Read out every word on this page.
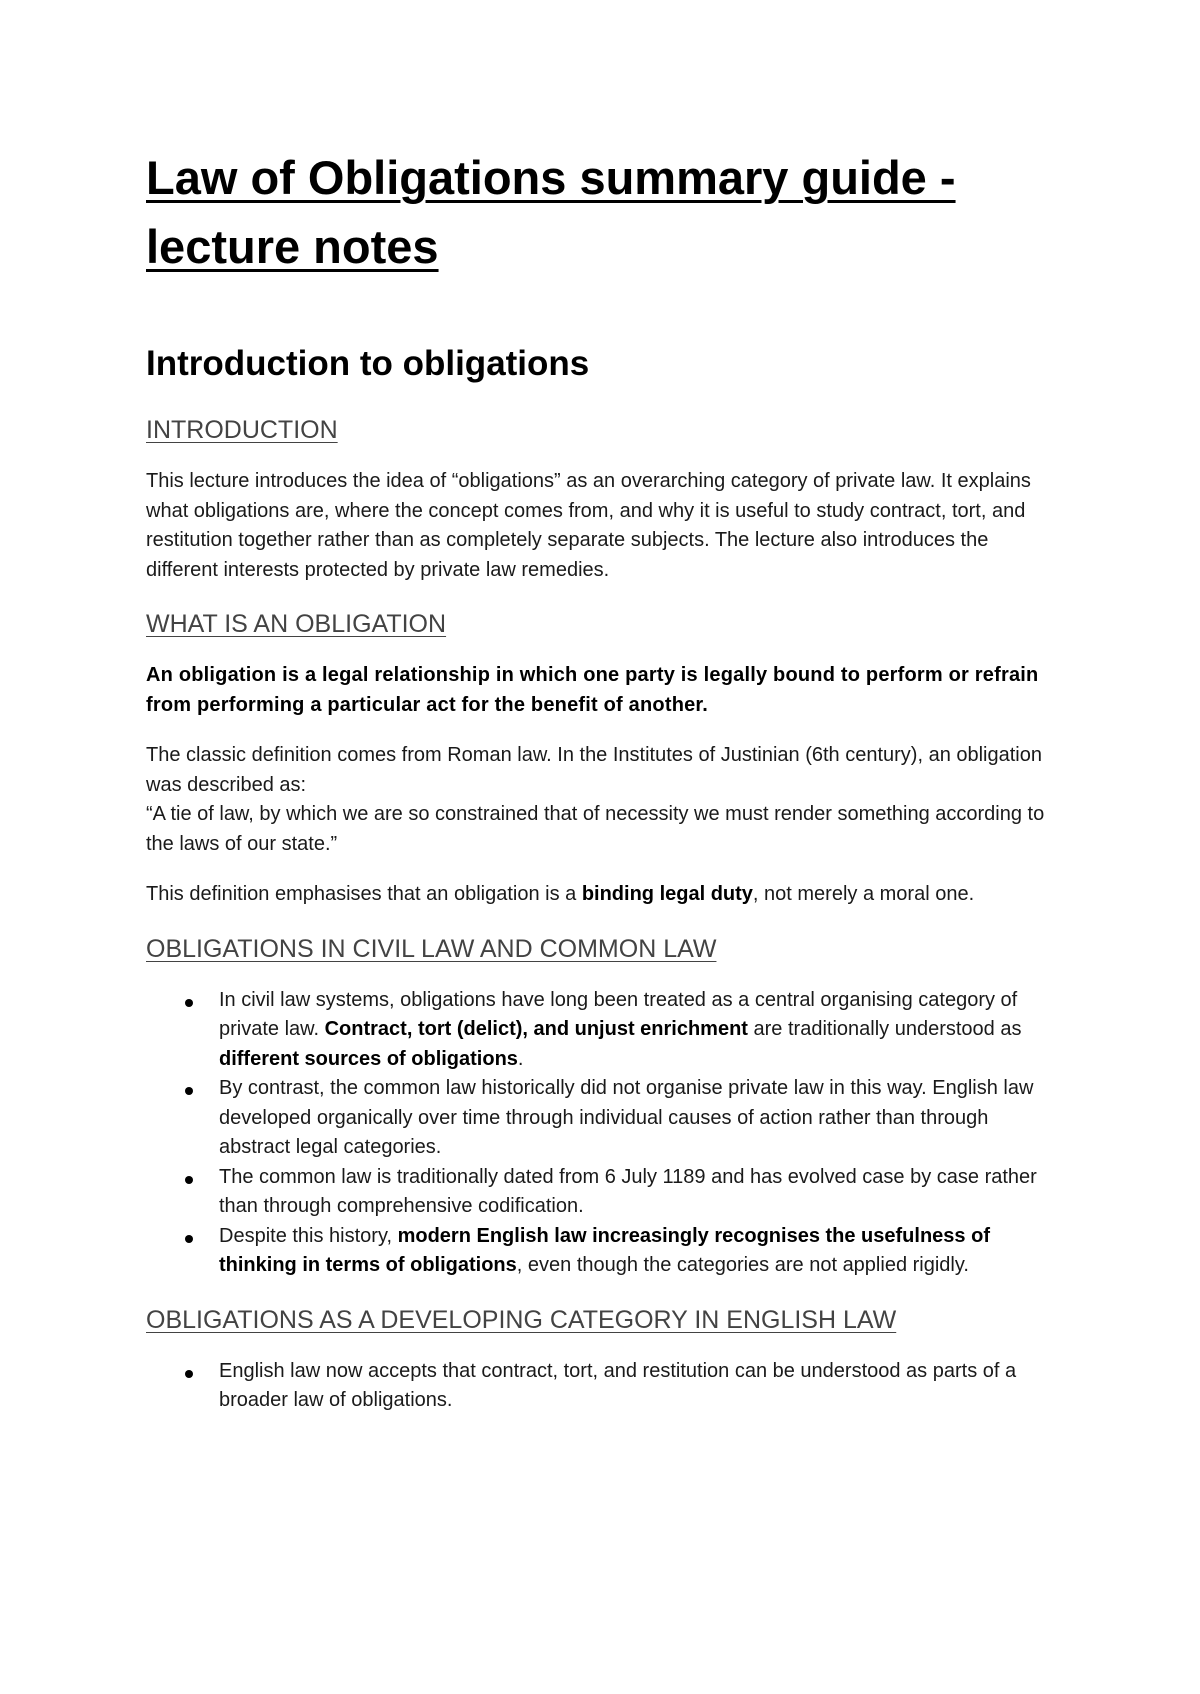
Law of Obligations summary guide - lecture notes
Introduction to obligations
INTRODUCTION

This lecture introduces the idea of “obligations” as an overarching category of private law. It explains what obligations are, where the concept comes from, and why it is useful to study contract, tort, and restitution together rather than as completely separate subjects. The lecture also introduces the different interests protected by private law remedies.

WHAT IS AN OBLIGATION

An obligation is a legal relationship in which one party is legally bound to perform or refrain from performing a particular act for the benefit of another.

The classic definition comes from Roman law. In the Institutes of Justinian (6th century), an obligation was described as:
“A tie of law, by which we are so constrained that of necessity we must render something according to the laws of our state.”

This definition emphasises that an obligation is a binding legal duty, not merely a moral one.

OBLIGATIONS IN CIVIL LAW AND COMMON LAW
In civil law systems, obligations have long been treated as a central organising category of private law. Contract, tort (delict), and unjust enrichment are traditionally understood as different sources of obligations.
By contrast, the common law historically did not organise private law in this way. English law developed organically over time through individual causes of action rather than through abstract legal categories.
The common law is traditionally dated from 6 July 1189 and has evolved case by case rather than through comprehensive codification.
Despite this history, modern English law increasingly recognises the usefulness of thinking in terms of obligations, even though the categories are not applied rigidly.
OBLIGATIONS AS A DEVELOPING CATEGORY IN ENGLISH LAW
English law now accepts that contract, tort, and restitution can be understood as parts of a broader law of obligations.
